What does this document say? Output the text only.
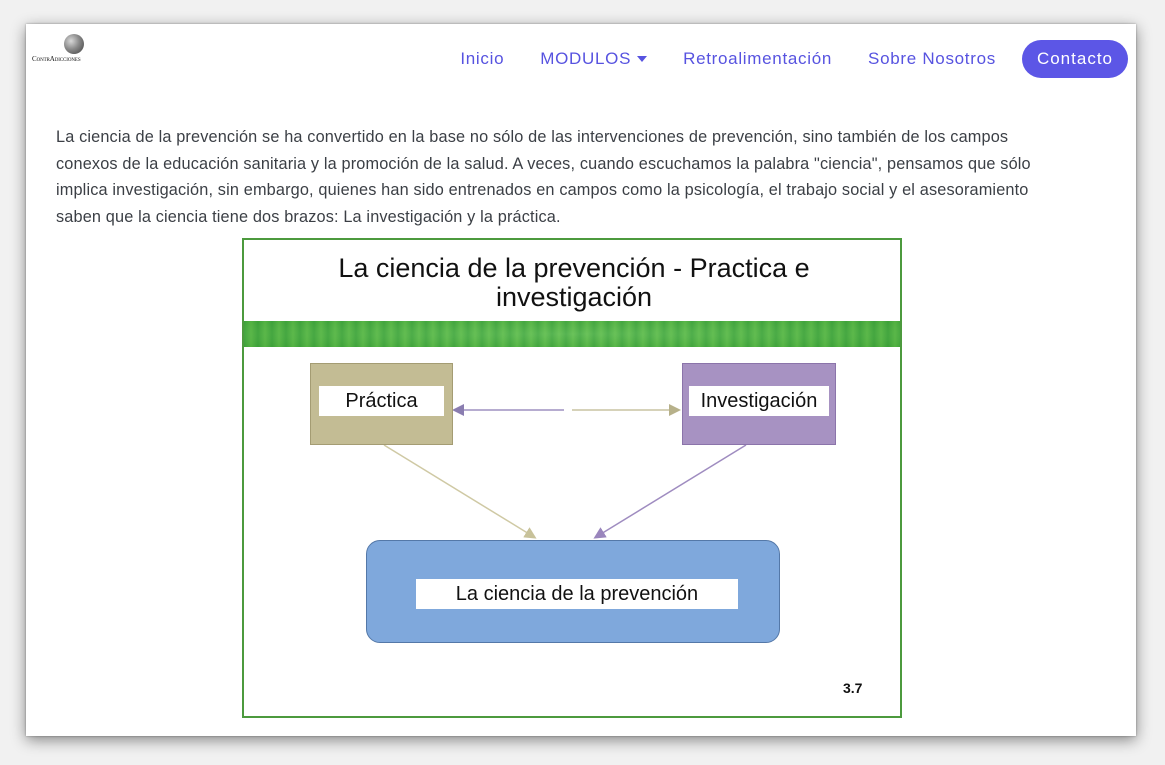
ContrAdicciones	Inicio MODULOS	Retroalimentación Sobre Nosotros	Contacto

La ciencia de la prevención se ha convertido en la base no sólo de las intervenciones de prevención, sino también de los campos conexos de la educación sanitaria y la promoción de la salud. A veces, cuando escuchamos la palabra "ciencia", pensamos que sólo implica investigación, sin embargo, quienes han sido entrenados en campos como la psicología, el trabajo social y el asesoramiento saben que la ciencia tiene dos brazos: La investigación y la práctica.

La ciencia de la prevención - Practica e investigación
Práctica	Investigación
La ciencia de la prevención
3.7
